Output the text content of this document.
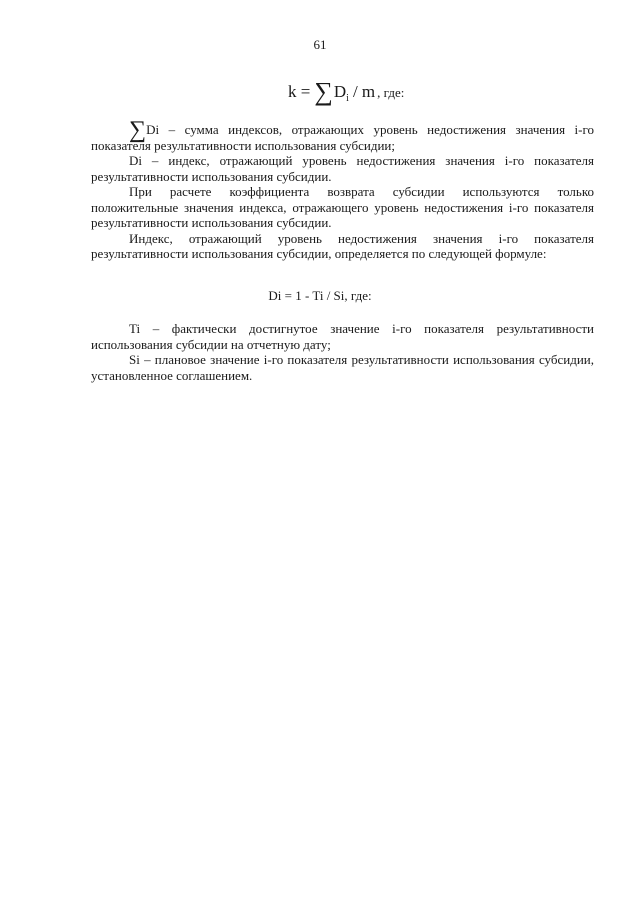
61
k = ∑ D i / m , где:

∑Di – сумма индексов, отражающих уровень недостижения значения i-го показателя результативности использования субсидии;

Di – индекс, отражающий уровень недостижения значения i-го показателя результативности использования субсидии.

При расчете коэффициента возврата субсидии используются только положительные значения индекса, отражающего уровень недостижения i-го показателя результативности использования субсидии.

Индекс, отражающий уровень недостижения значения i-го показателя результативности использования субсидии, определяется по следующей формуле:

Di = 1 - Ti / Si, где:

Ti – фактически достигнутое значение i-го показателя результативности использования субсидии на отчетную дату;

Si – плановое значение i-го показателя результативности использования субсидии, установленное соглашением.
